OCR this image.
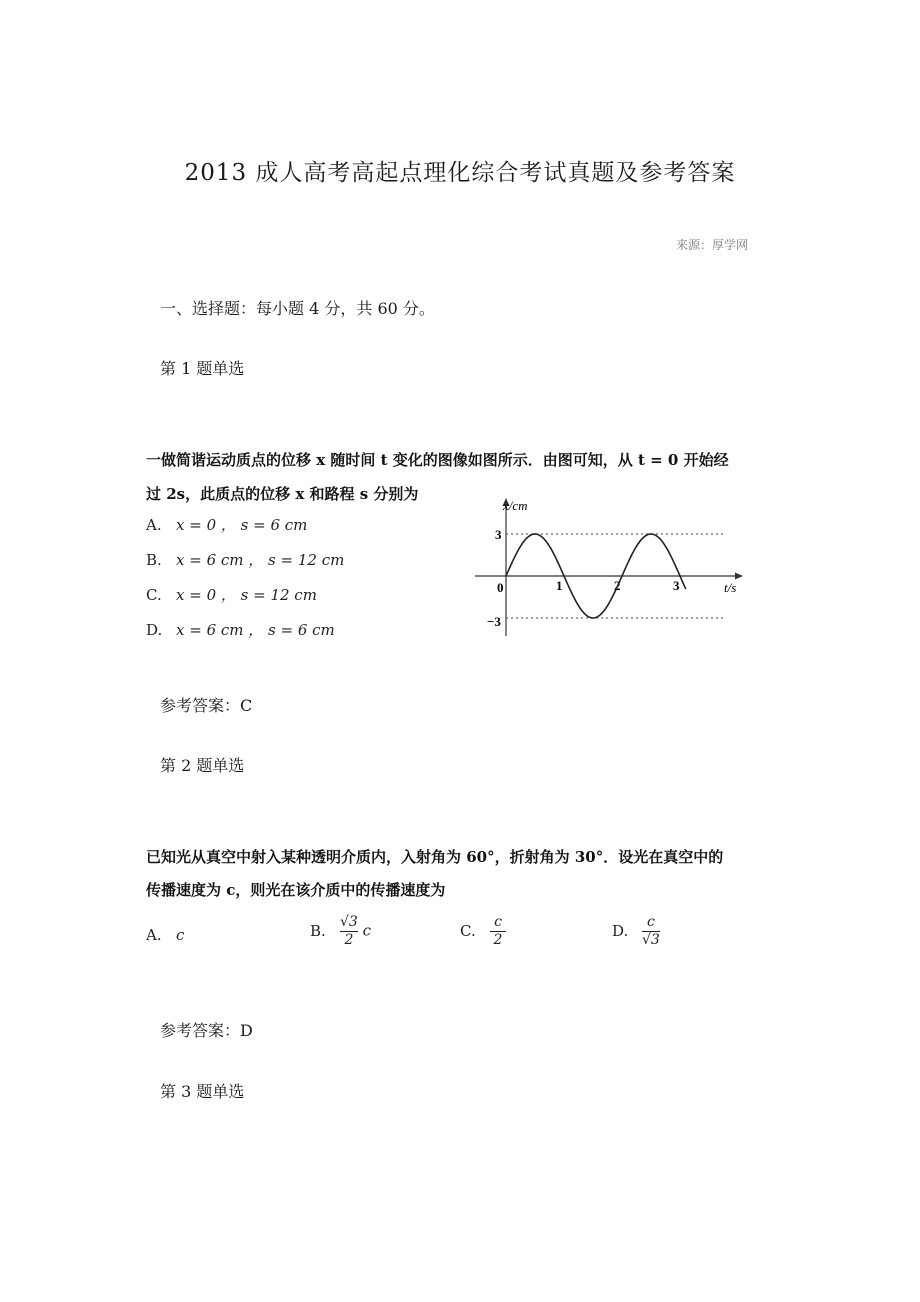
2013 成人高考高起点理化综合考试真题及参考答案
来源：厚学网
一、选择题：每小题 4 分，共 60 分。
第 1 题单选
一做简谐运动质点的位移 x 随时间 t 变化的图像如图所示．由图可知，从 t = 0 开始经
过 2s，此质点的位移 x 和路程 s 分别为
A. x = 0 ， s = 6 cm
B. x = 6 cm ， s = 12 cm
C. x = 0 ， s = 12 cm
D. x = 6 cm ， s = 6 cm
x/cm
t/s
3
−3
0	1	2	3
参考答案：C
第 2 题单选
已知光从真空中射入某种透明介质内，入射角为 60°，折射角为 30°．设光在真空中的
传播速度为 c，则光在该介质中的传播速度为
A. c	B. $\frac{√3}{2}$ c	C. $\frac{c}{2}$	D. $\frac{c}{√3}$
参考答案：D
第 3 题单选
